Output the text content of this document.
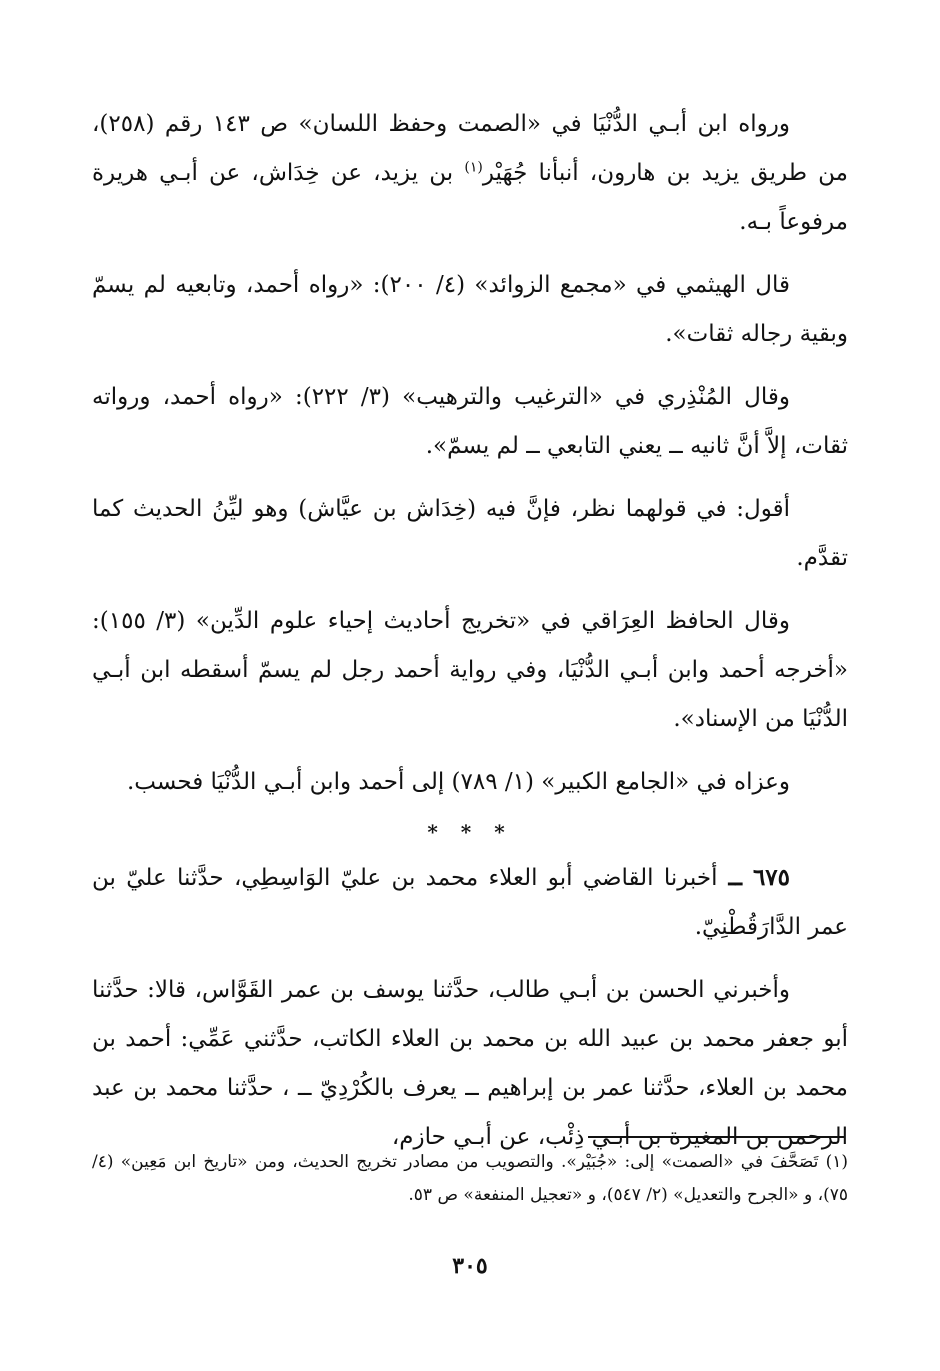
ورواه ابن أبـي الدُّنْيَا في «الصمت وحفظ اللسان» ص ١٤٣ رقم (٢٥٨)، من طريق يزيد بن هارون، أنبأنا جُهَيْر$^{(١)}$ بن يزيد، عن خِدَاش، عن أبـي هريرة مرفوعاً بـه.

قال الهيثمي في «مجمع الزوائد» (٤/ ٢٠٠): «رواه أحمد، وتابعيه لم يسمّ وبقية رجاله ثقات».

وقال المُنْذِري في «الترغيب والترهيب» (٣/ ٢٢٢): «رواه أحمد، ورواته ثقات، إلاَّ أنَّ ثانيه ــ يعني التابعي ــ لم يسمّ».

أقول: في قولهما نظر، فإنَّ فيه (خِدَاش بن عيَّاش) وهو ليِّنُ الحديث كما تقدَّم.

وقال الحافظ العِرَاقي في «تخريج أحاديث إحياء علوم الدِّين» (٣/ ١٥٥): «أخرجه أحمد وابن أبـي الدُّنْيَا، وفي رواية أحمد رجل لم يسمّ أسقطه ابن أبـي الدُّنْيَا من الإسناد».

وعزاه في «الجامع الكبير» (١/ ٧٨٩) إلى أحمد وابن أبـي الدُّنْيَا فحسب.

* * *

٦٧٥ ــ أخبرنا القاضي أبو العلاء محمد بن عليّ الوَاسِطِي، حدَّثنا عليّ بن عمر الدَّارَقُطْنِيّ.

وأخبرني الحسن بن أبـي طالب، حدَّثنا يوسف بن عمر القَوَّاس، قالا: حدَّثنا أبو جعفر محمد بن عبيد الله بن محمد بن العلاء الكاتب، حدَّثني عَمِّي: أحمد بن محمد بن العلاء، حدَّثنا عمر بن إبراهيم ــ يعرف بالكُرْدِيّ ــ ، حدَّثنا محمد بن عبد الرحمن بن المغيرة بن أبـي ذِئْب، عن أبـي حازم،

(١) تَصَحَّفَ في «الصمت» إلى: «جُبَيْر». والتصويب من مصادر تخريج الحديث، ومن «تاريخ ابن مَعِين» (٤/ ٧٥)، و «الجرح والتعديل» (٢/ ٥٤٧)، و «تعجيل المنفعة» ص ٥٣.

٣٠٥
